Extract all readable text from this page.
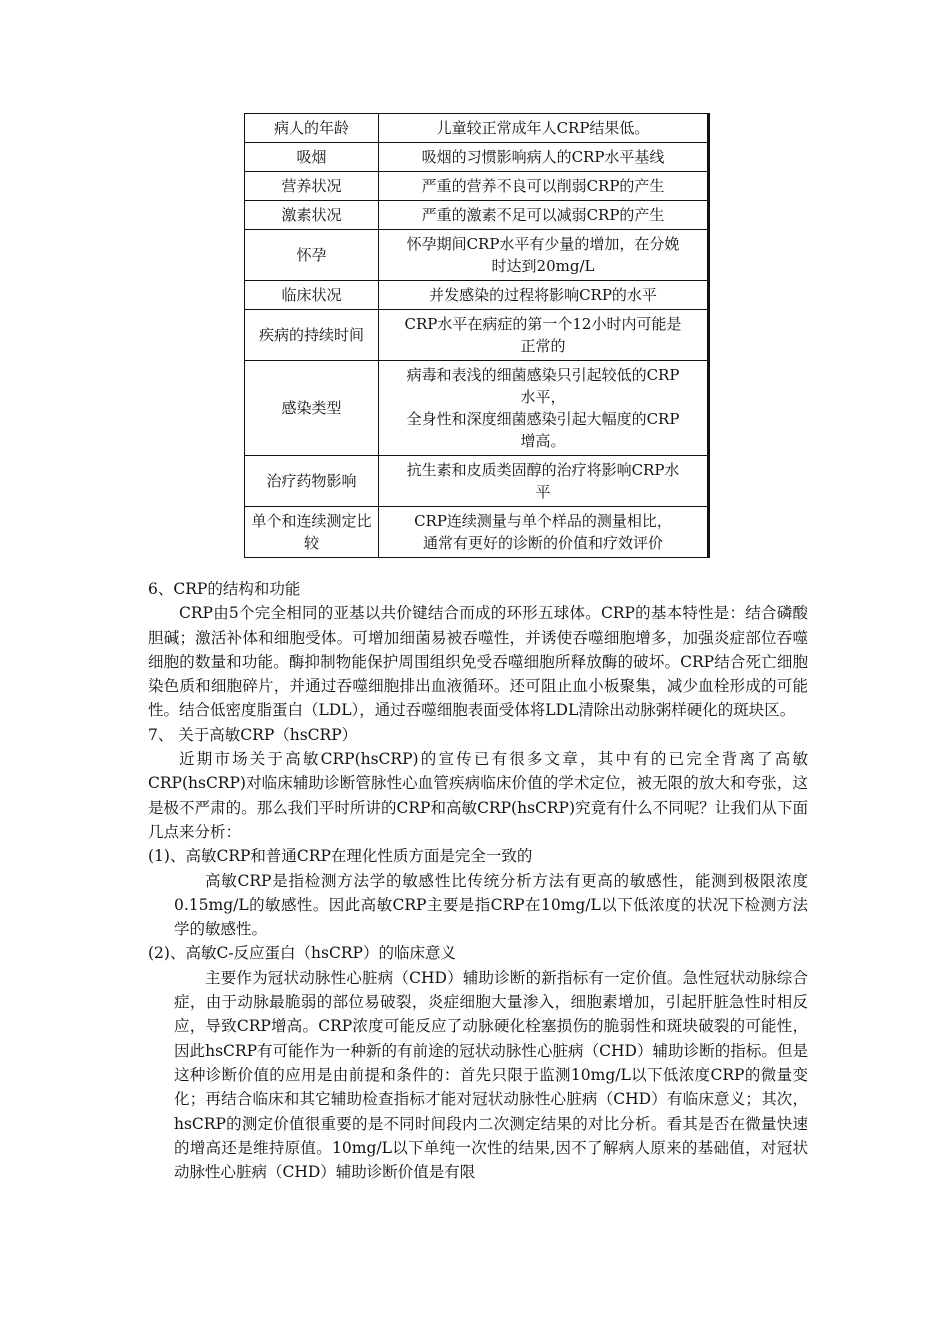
病人的年龄	儿童较正常成年人CRP结果低。

吸烟	吸烟的习惯影响病人的CRP水平基线

营养状况	严重的营养不良可以削弱CRP的产生

激素状况	严重的激素不足可以减弱CRP的产生

怀孕	怀孕期间CRP水平有少量的增加，在分娩
时达到20mg/L

临床状况	并发感染的过程将影响CRP的水平

疾病的持续时间	CRP水平在病症的第一个12小时内可能是
正常的

感染类型	病毒和表浅的细菌感染只引起较低的CRP
水平，
全身性和深度细菌感染引起大幅度的CRP
增高。

治疗药物影响	抗生素和皮质类固醇的治疗将影响CRP水
平

单个和连续测定比较	CRP连续测量与单个样品的测量相比，
通常有更好的诊断的价值和疗效评价

6、CRP的结构和功能

CRP由5个完全相同的亚基以共价键结合而成的环形五球体。CRP的基本特性是：结合磷酸胆碱；激活补体和细胞受体。可增加细菌易被吞噬性，并诱使吞噬细胞增多，加强炎症部位吞噬细胞的数量和功能。酶抑制物能保护周围组织免受吞噬细胞所释放酶的破坏。CRP结合死亡细胞染色质和细胞碎片，并通过吞噬细胞排出血液循环。还可阻止血小板聚集，减少血栓形成的可能性。结合低密度脂蛋白（LDL），通过吞噬细胞表面受体将LDL清除出动脉粥样硬化的斑块区。

7、 关于高敏CRP（hsCRP）

近期市场关于高敏CRP(hsCRP)的宣传已有很多文章，其中有的已完全背离了高敏CRP(hsCRP)对临床辅助诊断管脉性心血管疾病临床价值的学术定位，被无限的放大和夸张，这是极不严肃的。那么我们平时所讲的CRP和高敏CRP(hsCRP)究竟有什么不同呢？让我们从下面几点来分析：

(1)、高敏CRP和普通CRP在理化性质方面是完全一致的

高敏CRP是指检测方法学的敏感性比传统分析方法有更高的敏感性，能测到极限浓度0.15mg/L的敏感性。因此高敏CRP主要是指CRP在10mg/L以下低浓度的状况下检测方法学的敏感性。

(2)、高敏C-反应蛋白（hsCRP）的临床意义

主要作为冠状动脉性心脏病（CHD）辅助诊断的新指标有一定价值。急性冠状动脉综合症，由于动脉最脆弱的部位易破裂，炎症细胞大量渗入，细胞素增加，引起肝脏急性时相反应，导致CRP增高。CRP浓度可能反应了动脉硬化栓塞损伤的脆弱性和斑块破裂的可能性，因此hsCRP有可能作为一种新的有前途的冠状动脉性心脏病（CHD）辅助诊断的指标。但是这种诊断价值的应用是由前提和条件的：首先只限于监测10mg/L以下低浓度CRP的微量变化；再结合临床和其它辅助检查指标才能对冠状动脉性心脏病（CHD）有临床意义；其次，hsCRP的测定价值很重要的是不同时间段内二次测定结果的对比分析。看其是否在微量快速的增高还是维持原值。10mg/L以下单纯一次性的结果,因不了解病人原来的基础值，对冠状动脉性心脏病（CHD）辅助诊断价值是有限
